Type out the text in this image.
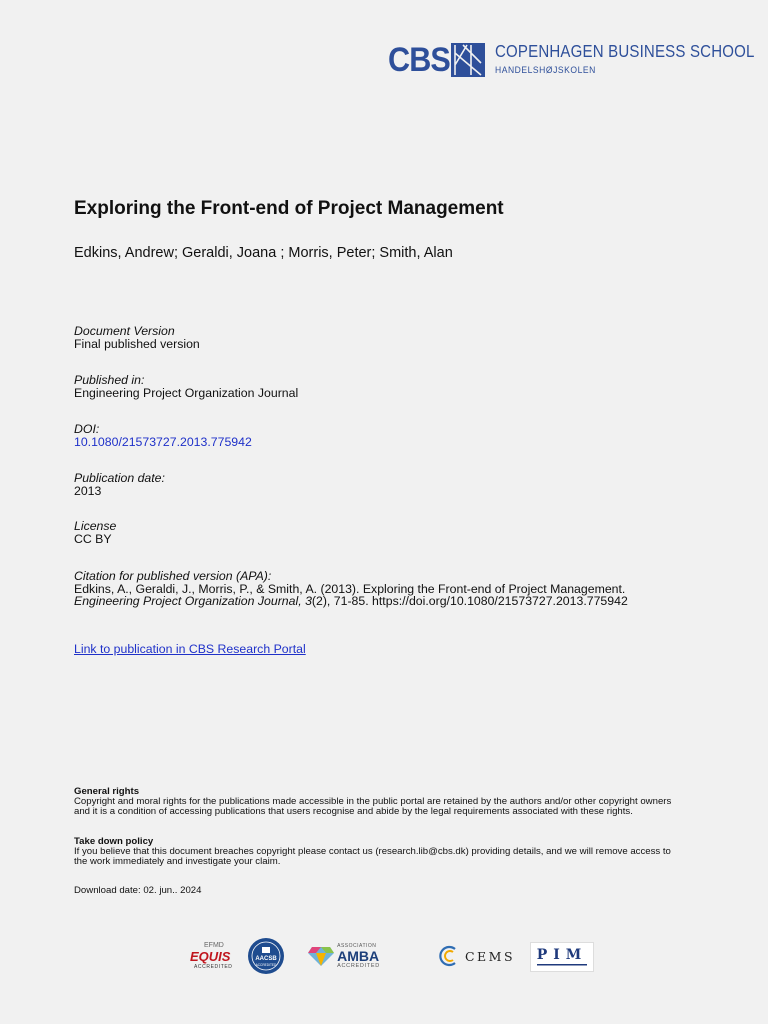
CBS	COPENHAGEN BUSINESS SCHOOL
HANDELSHØJSKOLEN
Exploring the Front-end of Project Management
Edkins, Andrew; Geraldi, Joana ; Morris, Peter; Smith, Alan
Document Version
Final published version
Published in:
Engineering Project Organization Journal
DOI:
10.1080/21573727.2013.775942
Publication date:
2013
License
CC BY
Citation for published version (APA):
Edkins, A., Geraldi, J., Morris, P., & Smith, A. (2013). Exploring the Front-end of Project Management.
Engineering Project Organization Journal, 3(2), 71-85. https://doi.org/10.1080/21573727.2013.775942
Link to publication in CBS Research Portal
General rights
Copyright and moral rights for the publications made accessible in the public portal are retained by the authors and/or other copyright owners
and it is a condition of accessing publications that users recognise and abide by the legal requirements associated with these rights.
Take down policy
If you believe that this document breaches copyright please contact us (research.lib@cbs.dk) providing details, and we will remove access to
the work immediately and investigate your claim.
Download date: 02. jun.. 2024
EFMD
EQUIS
ACCREDITED
AACSB
ACCREDITED
ASSOCIATION
AMBA
ACCREDITED
CEMS PIM
